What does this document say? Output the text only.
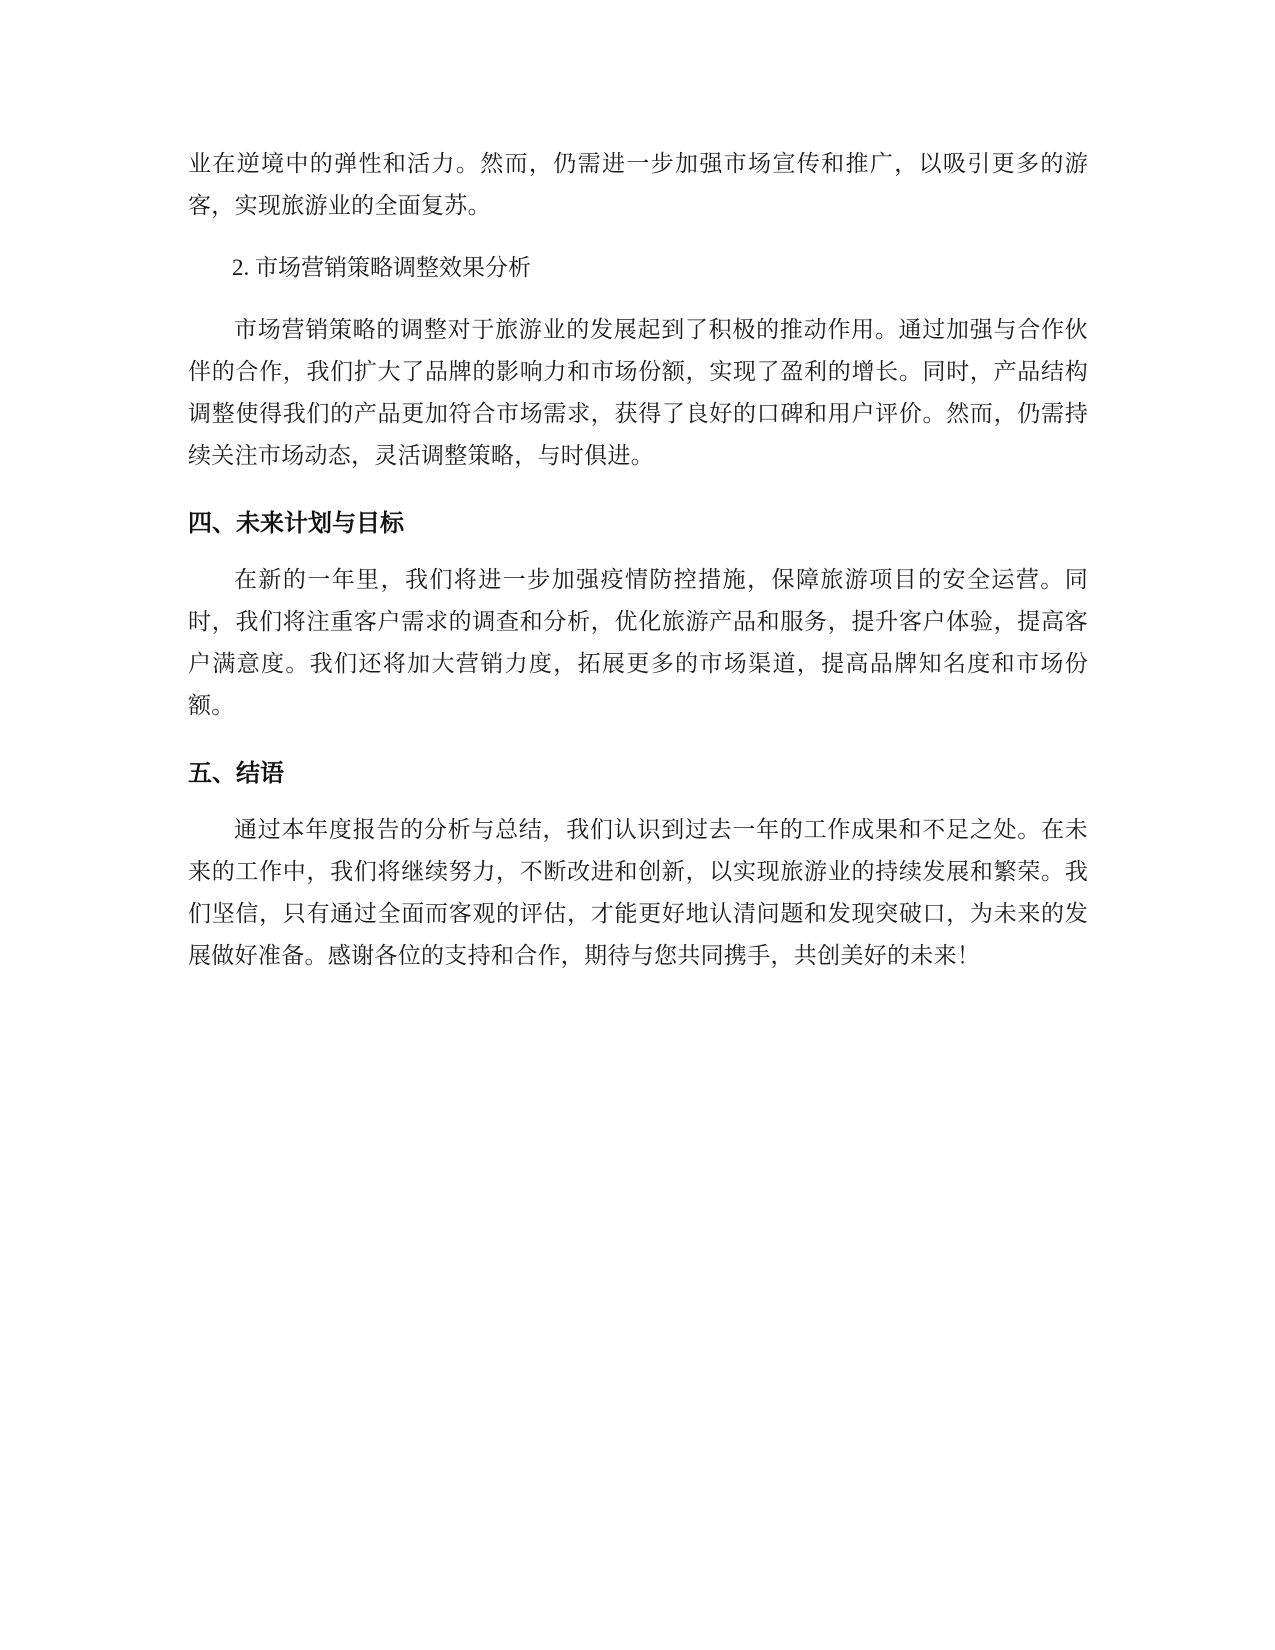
业在逆境中的弹性和活力。然而，仍需进一步加强市场宣传和推广，以吸引更多的游客，实现旅游业的全面复苏。

2. 市场营销策略调整效果分析

市场营销策略的调整对于旅游业的发展起到了积极的推动作用。通过加强与合作伙伴的合作，我们扩大了品牌的影响力和市场份额，实现了盈利的增长。同时，产品结构调整使得我们的产品更加符合市场需求，获得了良好的口碑和用户评价。然而，仍需持续关注市场动态，灵活调整策略，与时俱进。

四、未来计划与目标

在新的一年里，我们将进一步加强疫情防控措施，保障旅游项目的安全运营。同时，我们将注重客户需求的调查和分析，优化旅游产品和服务，提升客户体验，提高客户满意度。我们还将加大营销力度，拓展更多的市场渠道，提高品牌知名度和市场份额。

五、结语

通过本年度报告的分析与总结，我们认识到过去一年的工作成果和不足之处。在未来的工作中，我们将继续努力，不断改进和创新，以实现旅游业的持续发展和繁荣。我们坚信，只有通过全面而客观的评估，才能更好地认清问题和发现突破口，为未来的发展做好准备。感谢各位的支持和合作，期待与您共同携手，共创美好的未来！
